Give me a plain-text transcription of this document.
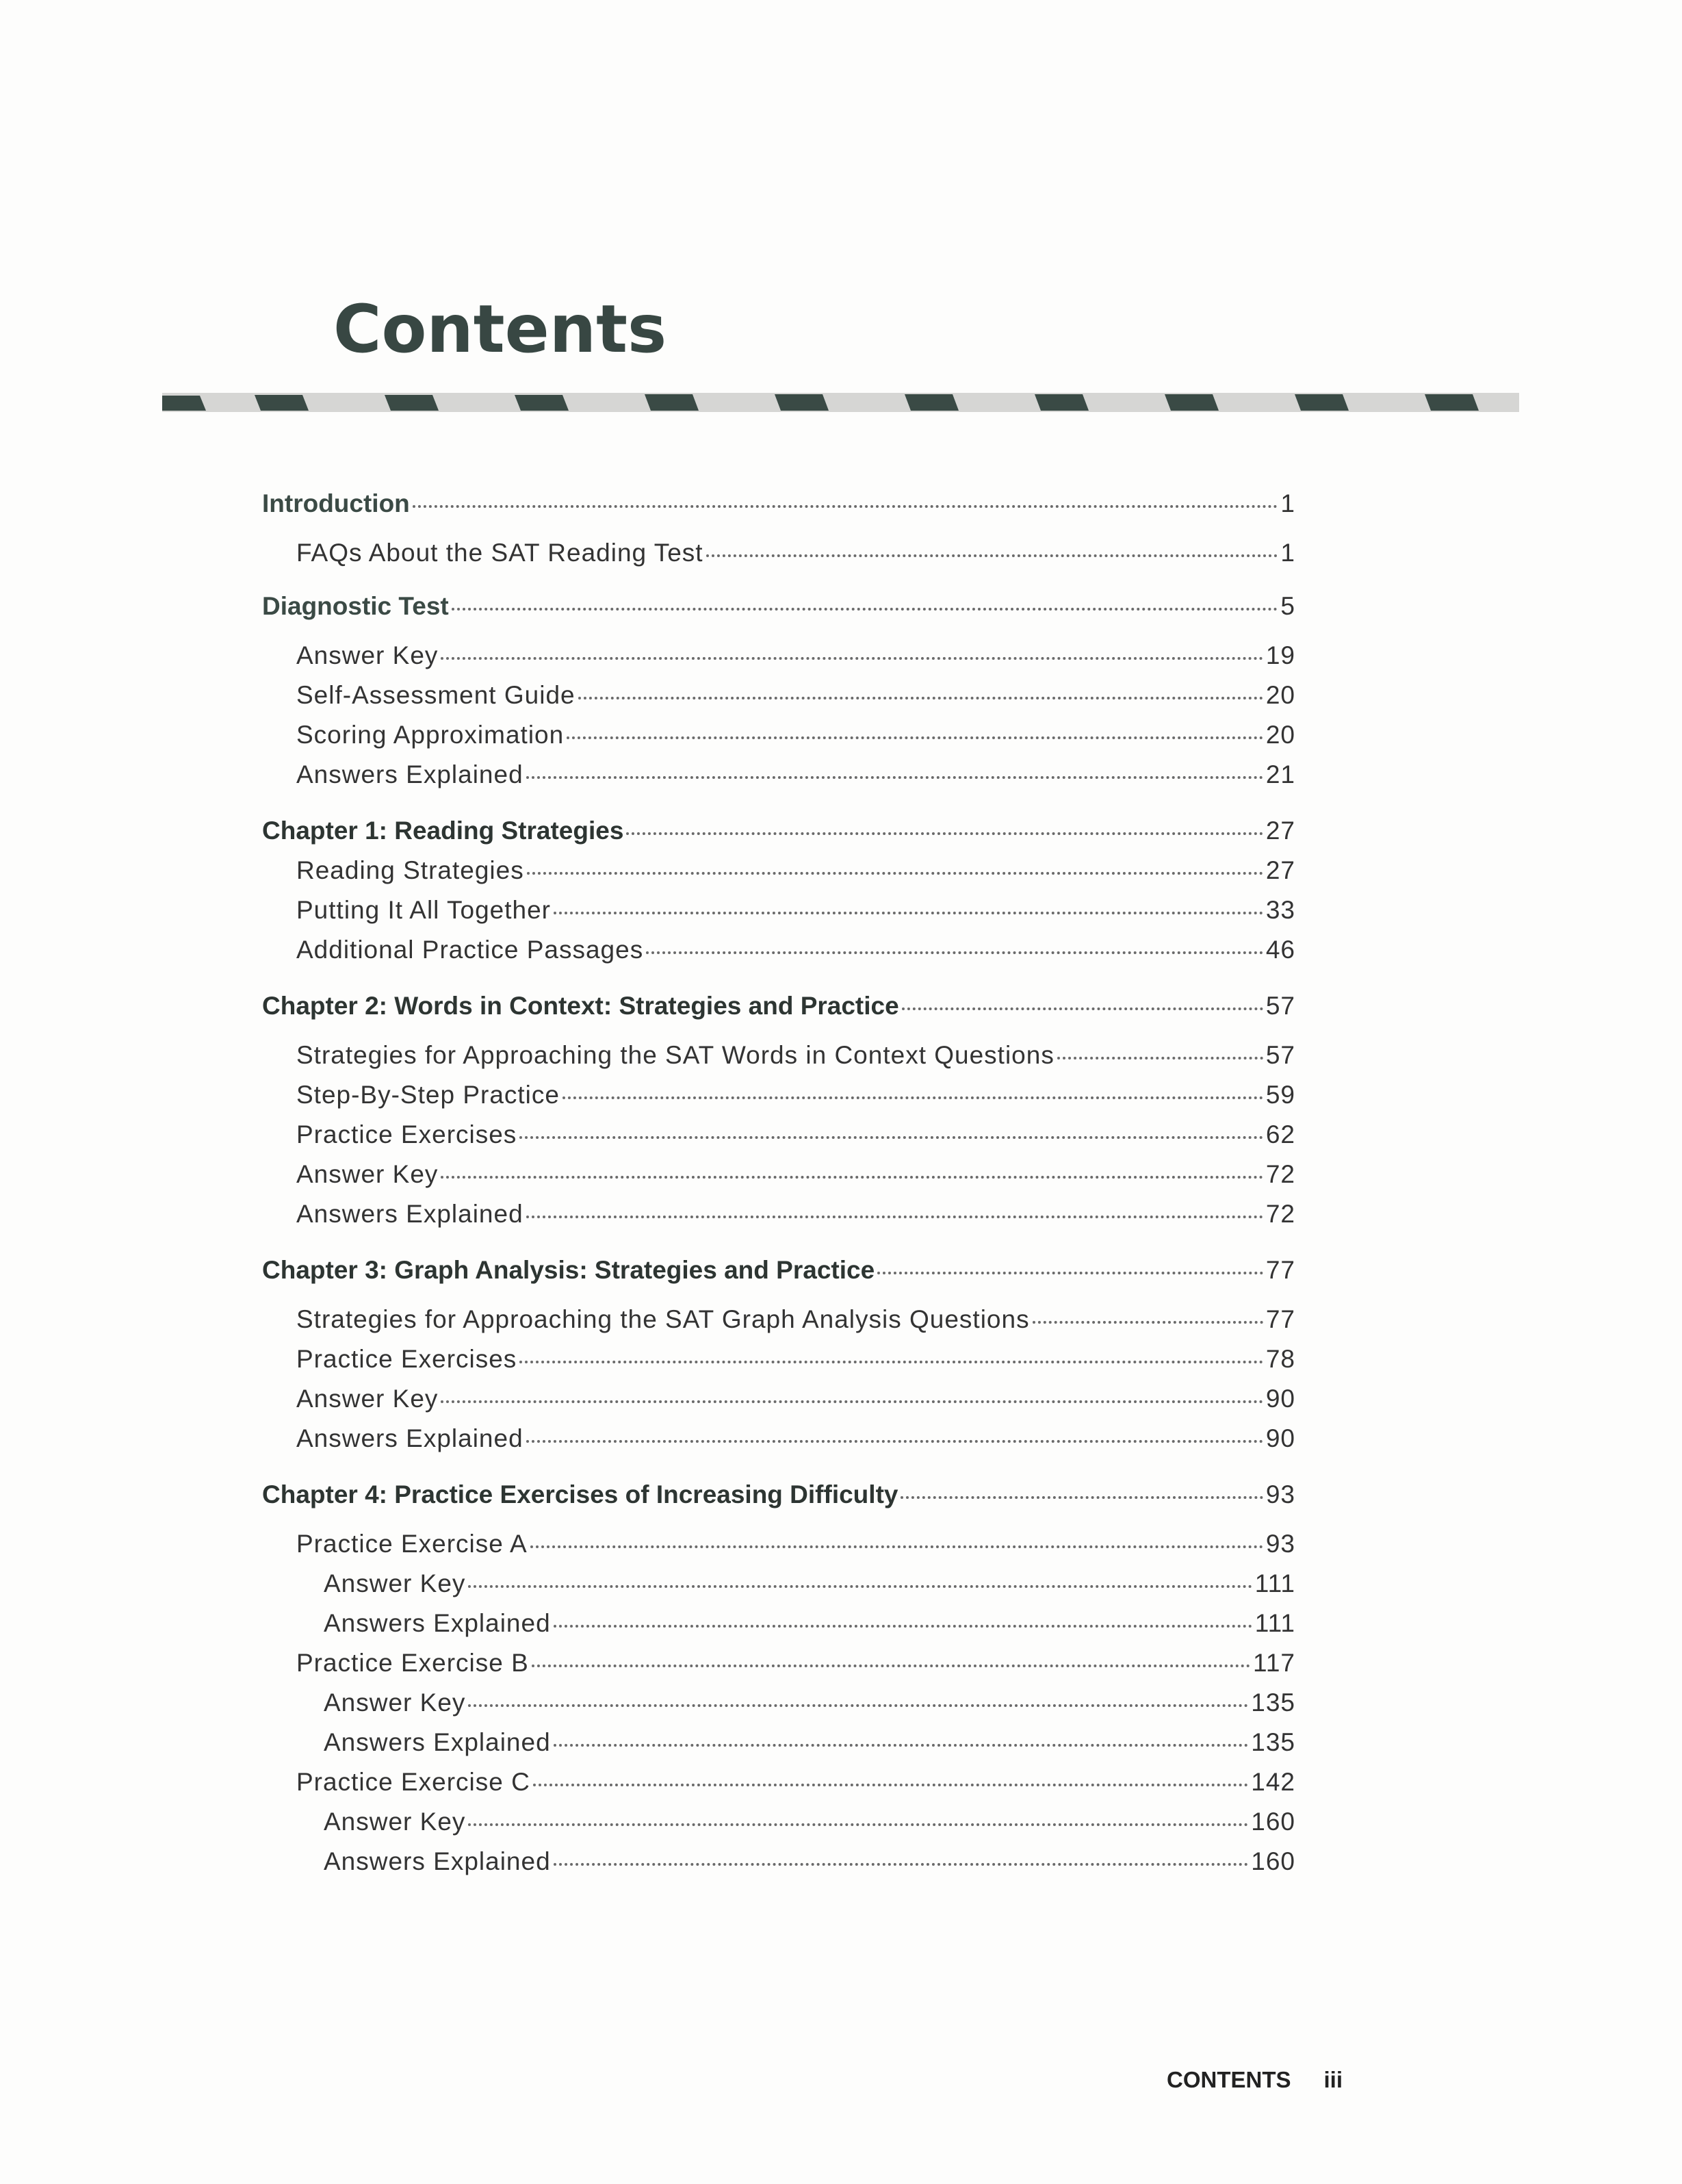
Contents
Introduction	1
FAQs About the SAT Reading Test	1
Diagnostic Test	5
Answer Key	19
Self-Assessment Guide	20
Scoring Approximation	20
Answers Explained	21
Chapter 1: Reading Strategies	27
Reading Strategies	27
Putting It All Together	33
Additional Practice Passages	46
Chapter 2: Words in Context: Strategies and Practice	57
Strategies for Approaching the SAT Words in Context Questions	57
Step-By-Step Practice	59
Practice Exercises	62
Answer Key	72
Answers Explained	72
Chapter 3: Graph Analysis: Strategies and Practice	77
Strategies for Approaching the SAT Graph Analysis Questions	77
Practice Exercises	78
Answer Key	90
Answers Explained	90
Chapter 4: Practice Exercises of Increasing Difficulty	93
Practice Exercise A	93
Answer Key	111
Answers Explained	111
Practice Exercise B	117
Answer Key	135
Answers Explained	135
Practice Exercise C	142
Answer Key	160
Answers Explained	160
CONTENTS iii
